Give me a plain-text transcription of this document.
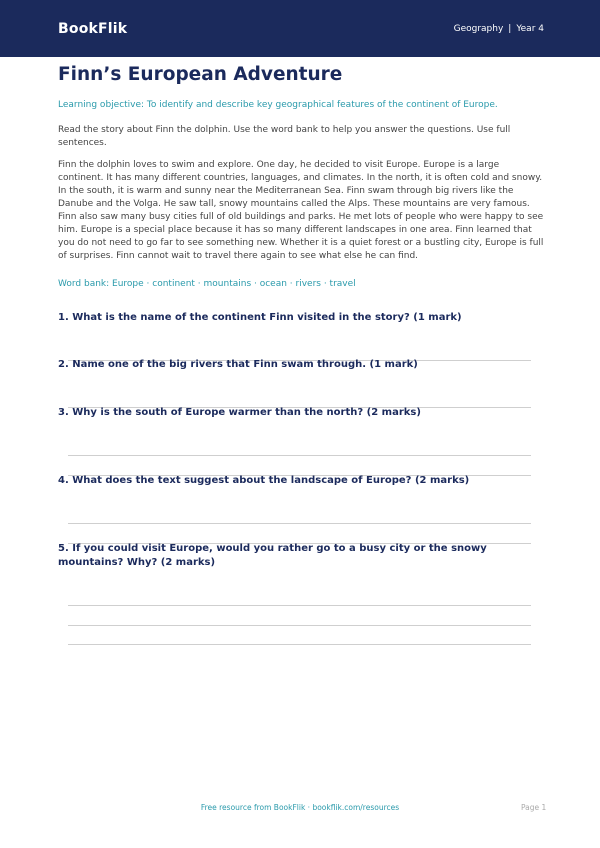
BookFlik	Geography | Year 4
Finn’s European Adventure

Learning objective: To identify and describe key geographical features of the continent of Europe.

Read the story about Finn the dolphin. Use the word bank to help you answer the questions. Use full sentences.

Finn the dolphin loves to swim and explore. One day, he decided to visit Europe. Europe is a large continent. It has many different countries, languages, and climates. In the north, it is often cold and snowy. In the south, it is warm and sunny near the Mediterranean Sea. Finn swam through big rivers like the Danube and the Volga. He saw tall, snowy mountains called the Alps. These mountains are very famous. Finn also saw many busy cities full of old buildings and parks. He met lots of people who were happy to see him. Europe is a special place because it has so many different landscapes in one area. Finn learned that you do not need to go far to see something new. Whether it is a quiet forest or a bustling city, Europe is full of surprises. Finn cannot wait to travel there again to see what else he can find.

Word bank: Europe · continent · mountains · ocean · rivers · travel

1. What is the name of the continent Finn visited in the story? (1 mark)
2. Name one of the big rivers that Finn swam through. (1 mark)
3. Why is the south of Europe warmer than the north? (2 marks)
4. What does the text suggest about the landscape of Europe? (2 marks)
5. If you could visit Europe, would you rather go to a busy city or the snowy mountains? Why? (2 marks)
Free resource from BookFlik · bookflik.com/resources	Page 1
